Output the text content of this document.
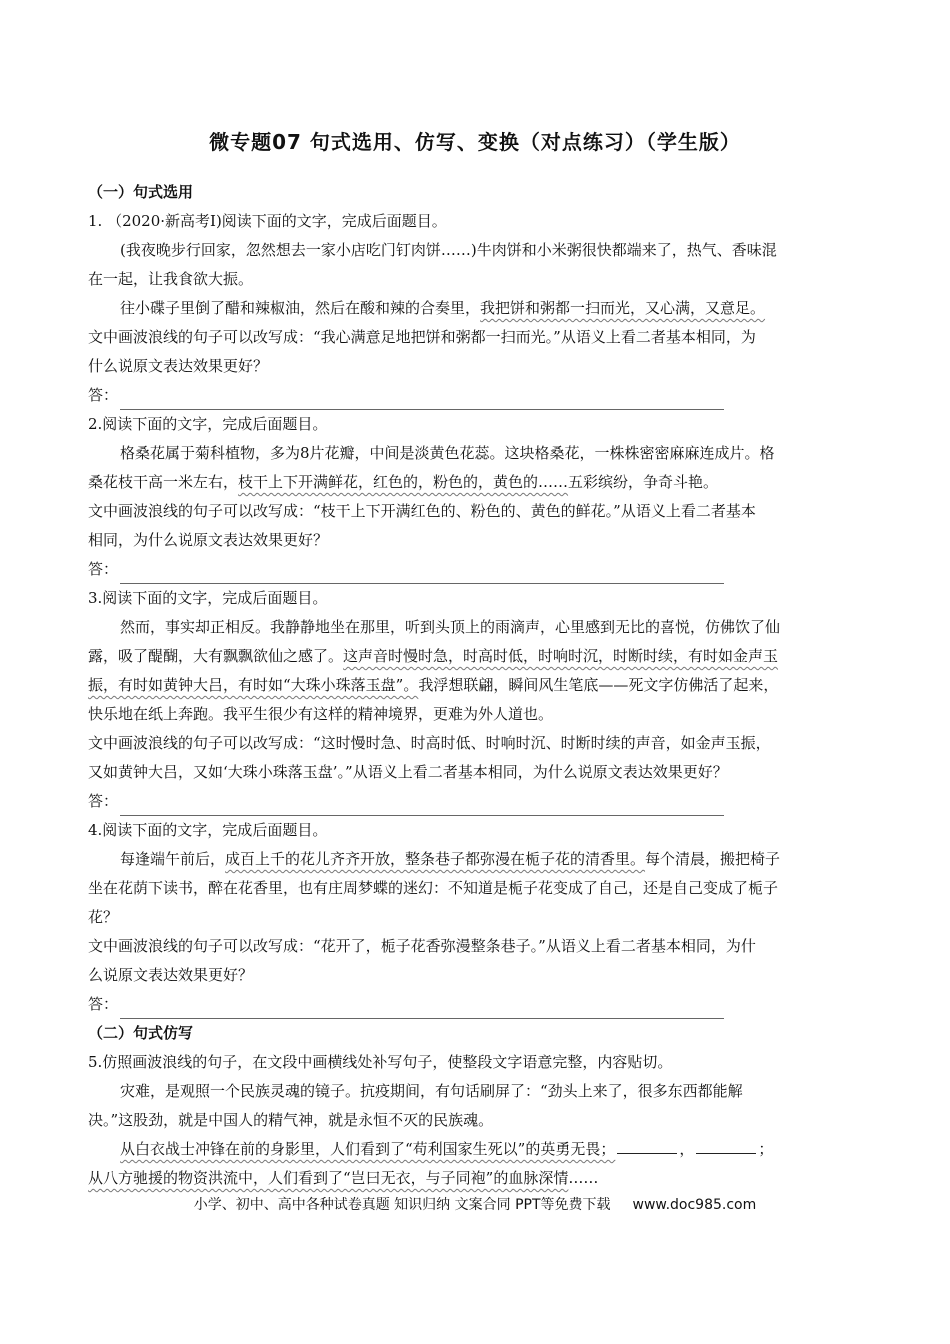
微专题07 句式选用、仿写、变换（对点练习）（学生版）
（一）句式选用
1. （2020·新高考Ⅰ)阅读下面的文字，完成后面题目。
(我夜晚步行回家，忽然想去一家小店吃门钉肉饼……)牛肉饼和小米粥很快都端来了，热气、香味混
在一起，让我食欲大振。
往小碟子里倒了醋和辣椒油，然后在酸和辣的合奏里，我把饼和粥都一扫而光，又心满，又意足。
文中画波浪线的句子可以改写成：“我心满意足地把饼和粥都一扫而光。”从语义上看二者基本相同，为
什么说原文表达效果更好？
答：
2.阅读下面的文字，完成后面题目。
格桑花属于菊科植物，多为8片花瓣，中间是淡黄色花蕊。这块格桑花，一株株密密麻麻连成片。格
桑花枝干高一米左右，枝干上下开满鲜花，红色的，粉色的，黄色的……五彩缤纷，争奇斗艳。
文中画波浪线的句子可以改写成：“枝干上下开满红色的、粉色的、黄色的鲜花。”从语义上看二者基本
相同，为什么说原文表达效果更好？
答：
3.阅读下面的文字，完成后面题目。
然而，事实却正相反。我静静地坐在那里，听到头顶上的雨滴声，心里感到无比的喜悦，仿佛饮了仙
露，吸了醍醐，大有飘飘欲仙之感了。这声音时慢时急，时高时低，时响时沉，时断时续，有时如金声玉
振，有时如黄钟大吕，有时如“大珠小珠落玉盘”。我浮想联翩，瞬间风生笔底——死文字仿佛活了起来，
快乐地在纸上奔跑。我平生很少有这样的精神境界，更难为外人道也。
文中画波浪线的句子可以改写成：“这时慢时急、时高时低、时响时沉、时断时续的声音，如金声玉振，
又如黄钟大吕，又如‘大珠小珠落玉盘’。”从语义上看二者基本相同，为什么说原文表达效果更好？
答：
4.阅读下面的文字，完成后面题目。
每逢端午前后，成百上千的花儿齐齐开放，整条巷子都弥漫在栀子花的清香里。每个清晨，搬把椅子
坐在花荫下读书，醉在花香里，也有庄周梦蝶的迷幻：不知道是栀子花变成了自己，还是自己变成了栀子
花？
文中画波浪线的句子可以改写成：“花开了，栀子花香弥漫整条巷子。”从语义上看二者基本相同，为什
么说原文表达效果更好？
答：
（二）句式仿写
5.仿照画波浪线的句子，在文段中画横线处补写句子，使整段文字语意完整，内容贴切。
灾难，是观照一个民族灵魂的镜子。抗疫期间，有句话刷屏了：“劲头上来了，很多东西都能解
决。”这股劲，就是中国人的精气神，就是永恒不灭的民族魂。
从白衣战士冲锋在前的身影里，人们看到了“苟利国家生死以”的英勇无畏；	，	；
从八方驰援的物资洪流中，人们看到了“岂曰无衣，与子同袍”的血脉深情……
小学、初中、高中各种试卷真题 知识归纳 文案合同 PPT等免费下载 www.doc985.com
